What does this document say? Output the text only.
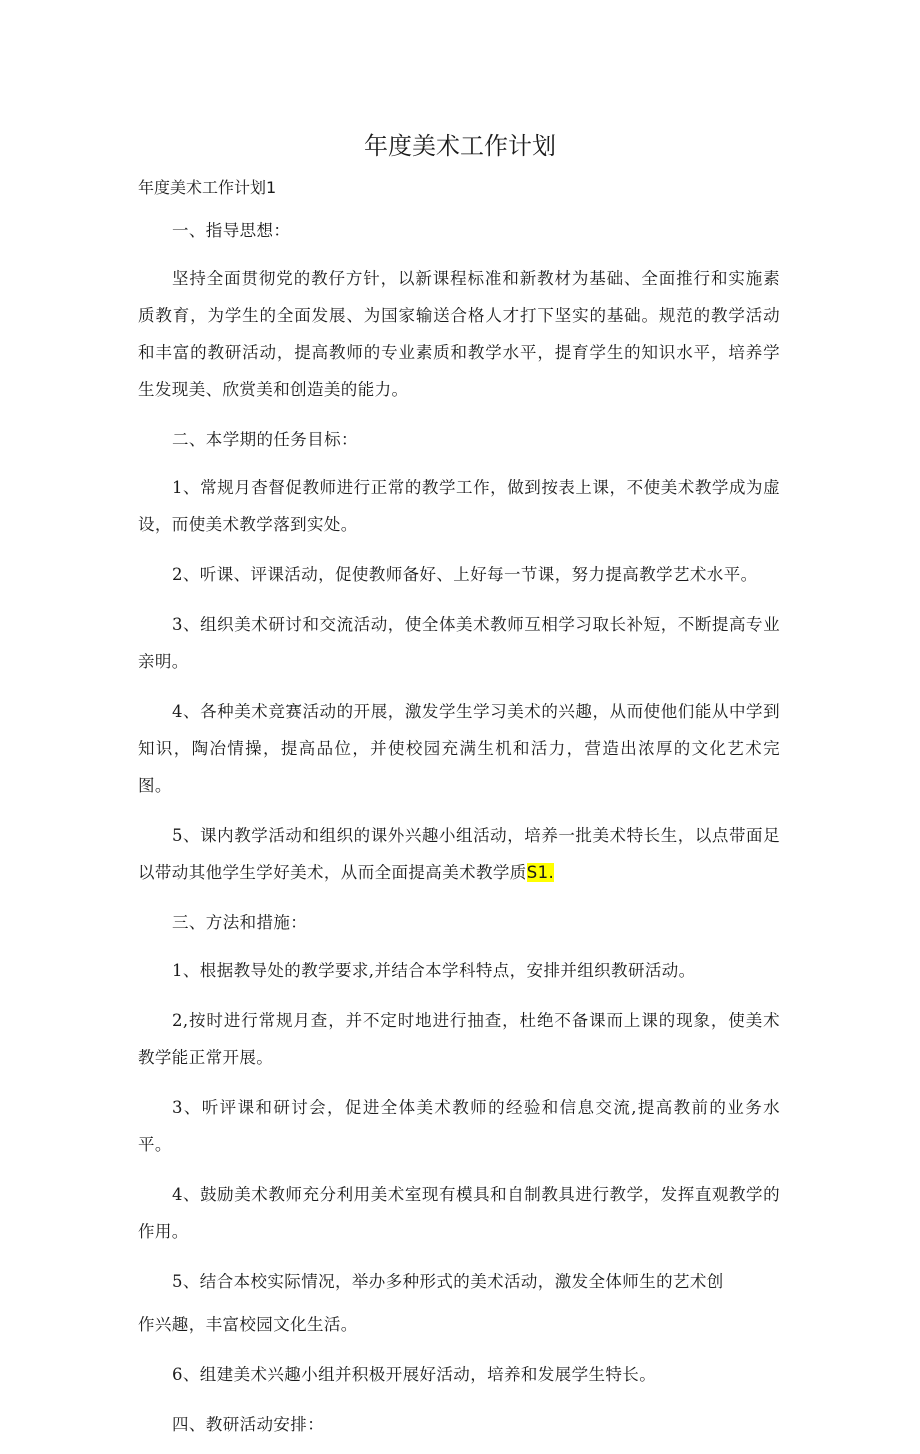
年度美术工作计划
年度美术工作计划1

一、指导思想：

坚持全面贯彻党的教仔方针，以新课程标准和新教材为基础、全面推行和实施素质教育，为学生的全面发展、为国家输送合格人才打下坚实的基础。规范的教学活动和丰富的教研活动，提高教师的专业素质和教学水平，提育学生的知识水平，培养学生发现美、欣赏美和创造美的能力。

二、本学期的任务目标：

1、常规月杳督促教师进行正常的教学工作，做到按表上课，不使美术教学成为虚设，而使美术教学落到实处。

2、听课、评课活动，促使教师备好、上好每一节课，努力提高教学艺术水平。

3、组织美术研讨和交流活动，使全体美术教师互相学习取长补短，不断提高专业亲明。

4、各种美术竞赛活动的开展，激发学生学习美术的兴趣，从而使他们能从中学到知识，陶冶情操，提高品位，并使校园充满生机和活力，营造出浓厚的文化艺术完图。

5、课内教学活动和组织的课外兴趣小组活动，培养一批美术特长生，以点带面足以带动其他学生学好美术，从而全面提高美术教学质S1.

三、方法和措施：

1、根据教导处的教学要求,并结合本学科特点，安排并组织教研活动。

2,按时进行常规月查，并不定时地进行抽查，杜绝不备课而上课的现象，使美术教学能正常开展。

3、听评课和研讨会，促进全体美术教师的经验和信息交流,提高教前的业务水平。

4、鼓励美术教师充分利用美术室现有模具和自制教具进行教学，发挥直观教学的作用。

5、结合本校实际情况，举办多种形式的美术活动，激发全体师生的艺术创

作兴趣，丰富校园文化生活。

6、组建美术兴趣小组并积极开展好活动，培养和发展学生特长。

四、教研活动安排：
